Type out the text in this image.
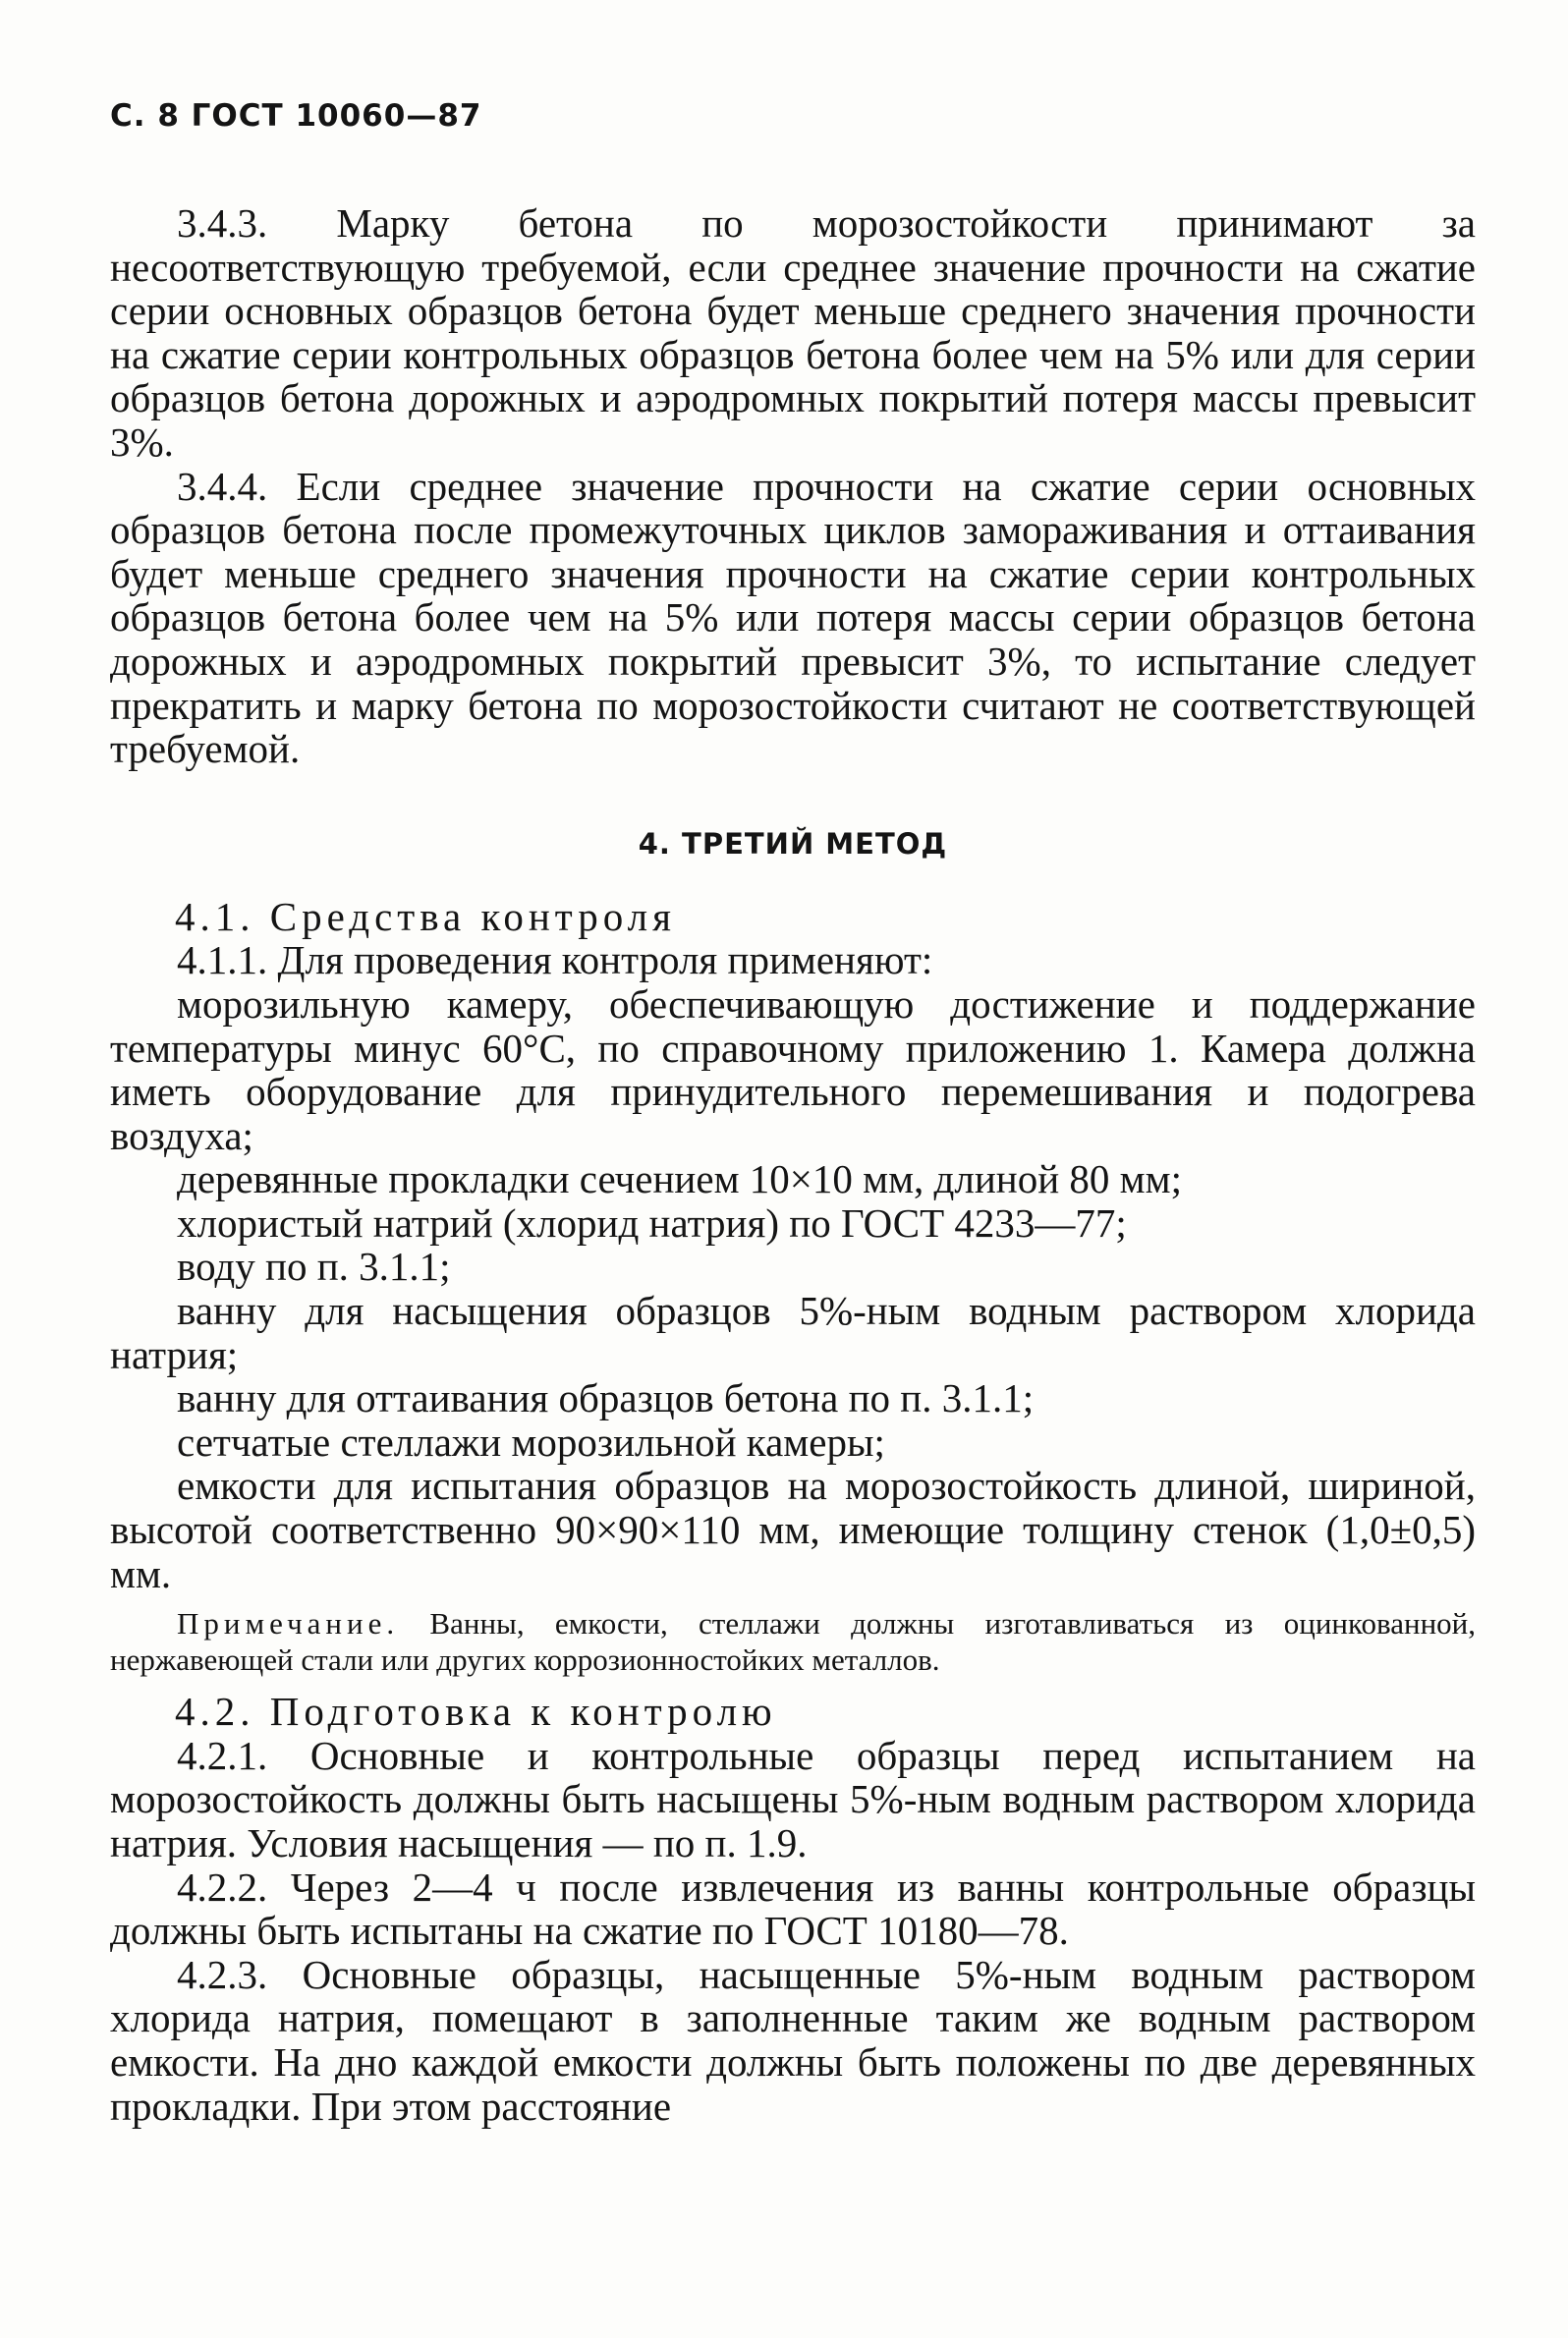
С. 8 ГОСТ 10060—87

3.4.3. Марку бетона по морозостойкости принимают за несоответствующую требуемой, если среднее значение прочности на сжатие серии основных образцов бетона будет меньше среднего значения прочности на сжатие серии контрольных образцов бетона более чем на 5% или для серии образцов бетона дорожных и аэродромных покрытий потеря массы превысит 3%.

3.4.4. Если среднее значение прочности на сжатие серии основных образцов бетона после промежуточных циклов замораживания и оттаивания будет меньше среднего значения прочности на сжатие серии контрольных образцов бетона более чем на 5% или потеря массы серии образцов бетона дорожных и аэродромных покрытий превысит 3%, то испытание следует прекратить и марку бетона по морозостойкости считают не соответствующей требуемой.

4. ТРЕТИЙ МЕТОД

4.1. Средства контроля

4.1.1. Для проведения контроля применяют:

морозильную камеру, обеспечивающую достижение и поддержание температуры минус 60°С, по справочному приложению 1. Камера должна иметь оборудование для принудительного перемешивания и подогрева воздуха;

деревянные прокладки сечением 10×10 мм, длиной 80 мм;

хлористый натрий (хлорид натрия) по ГОСТ 4233—77;

воду по п. 3.1.1;

ванну для насыщения образцов 5%-ным водным раствором хлорида натрия;

ванну для оттаивания образцов бетона по п. 3.1.1;

сетчатые стеллажи морозильной камеры;

емкости для испытания образцов на морозостойкость длиной, шириной, высотой соответственно 90×90×110 мм, имеющие толщину стенок (1,0±0,5) мм.

Примечание. Ванны, емкости, стеллажи должны изготавливаться из оцинкованной, нержавеющей стали или других коррозионностойких металлов.

4.2. Подготовка к контролю

4.2.1. Основные и контрольные образцы перед испытанием на морозостойкость должны быть насыщены 5%-ным водным раствором хлорида натрия. Условия насыщения — по п. 1.9.

4.2.2. Через 2—4 ч после извлечения из ванны контрольные образцы должны быть испытаны на сжатие по ГОСТ 10180—78.

4.2.3. Основные образцы, насыщенные 5%-ным водным раствором хлорида натрия, помещают в заполненные таким же водным раствором емкости. На дно каждой емкости должны быть положены по две деревянных прокладки. При этом расстояние
